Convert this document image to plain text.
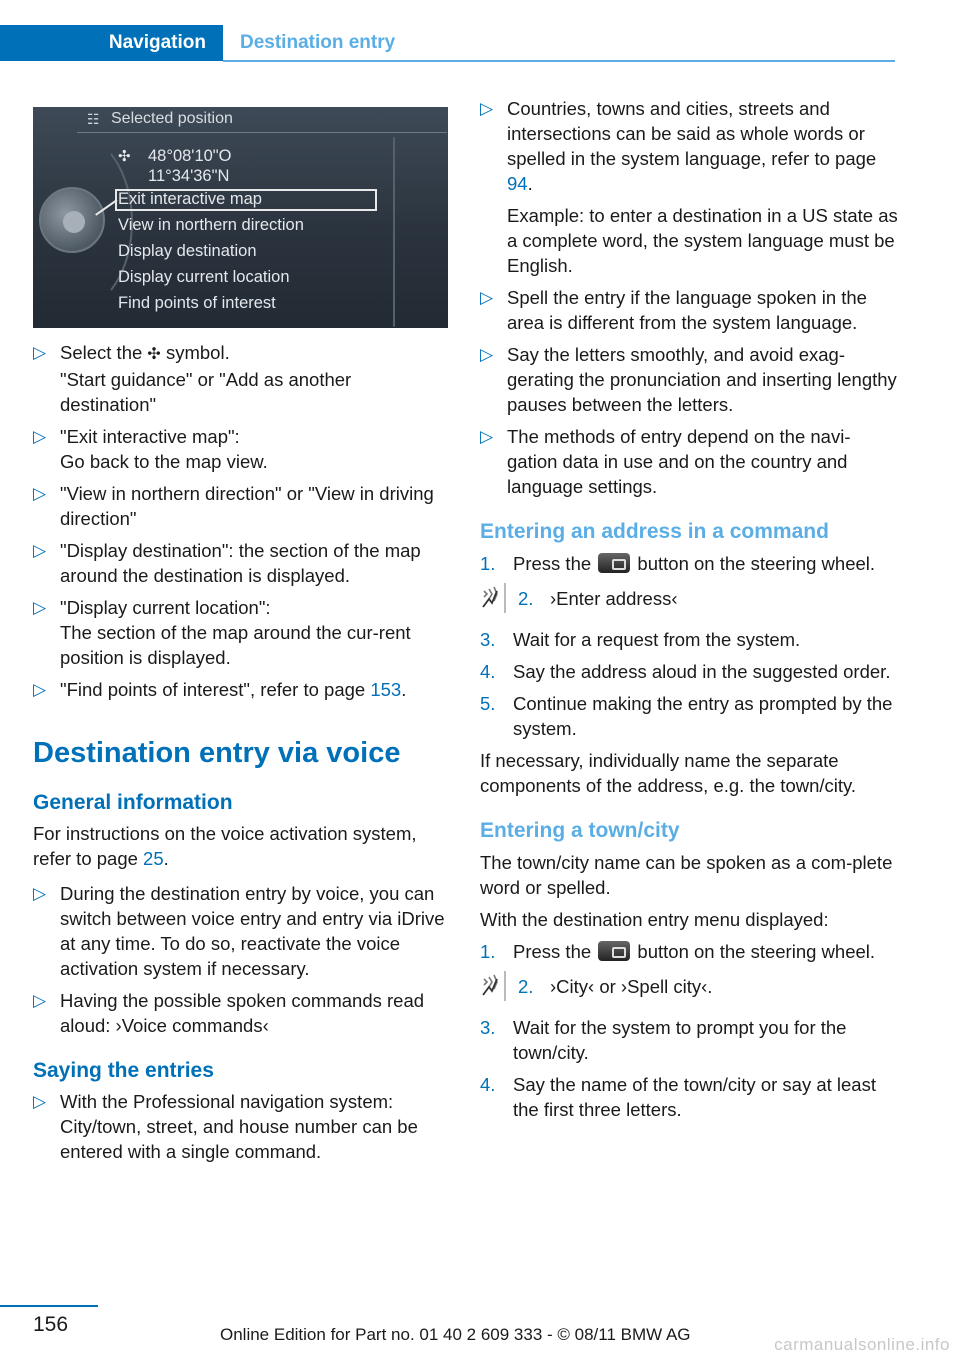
Navigation Destination entry
☷ Selected position
✣ 48°08'10"O
11°34'36"N
Exit interactive map
View in northern direction
Display destination
Display current location
Find points of interest
▷ Select the ✣ symbol.
"Start guidance" or "Add as another destination"
▷ "Exit interactive map":
Go back to the map view.
▷ "View in northern direction" or "View in driving direction"
▷ "Display destination": the section of the map around the destination is displayed.
▷ "Display current location":
The section of the map around the cur-rent position is displayed.
▷ "Find points of interest", refer to page 153.
Destination entry via voice
General information
For instructions on the voice activation system, refer to page 25.
▷ During the destination entry by voice, you can switch between voice entry and entry via iDrive at any time. To do so, reactivate the voice activation system if necessary.
▷ Having the possible spoken commands read aloud: ›Voice commands‹
Saying the entries
▷ With the Professional navigation system: City/town, street, and house number can be entered with a single command.
▷ Countries, towns and cities, streets and intersections can be said as whole words or spelled in the system language, refer to page 94.
Example: to enter a destination in a US state as a complete word, the system language must be English.
▷ Spell the entry if the language spoken in the area is different from the system language.
▷ Say the letters smoothly, and avoid exag-gerating the pronunciation and inserting lengthy pauses between the letters.
▷ The methods of entry depend on the navi-gation data in use and on the country and language settings.
Entering an address in a command
1. Press the  button on the steering wheel.
2. ›Enter address‹
3. Wait for a request from the system.
4. Say the address aloud in the suggested order.
5. Continue making the entry as prompted by the system.
If necessary, individually name the separate components of the address, e.g. the town/city.
Entering a town/city
The town/city name can be spoken as a com-plete word or spelled.
With the destination entry menu displayed:
1. Press the  button on the steering wheel.
2. ›City‹ or ›Spell city‹.
3. Wait for the system to prompt you for the town/city.
4. Say the name of the town/city or say at least the first three letters.
156	Online Edition for Part no. 01 40 2 609 333 - © 08/11 BMW AG
carmanualsonline.info
